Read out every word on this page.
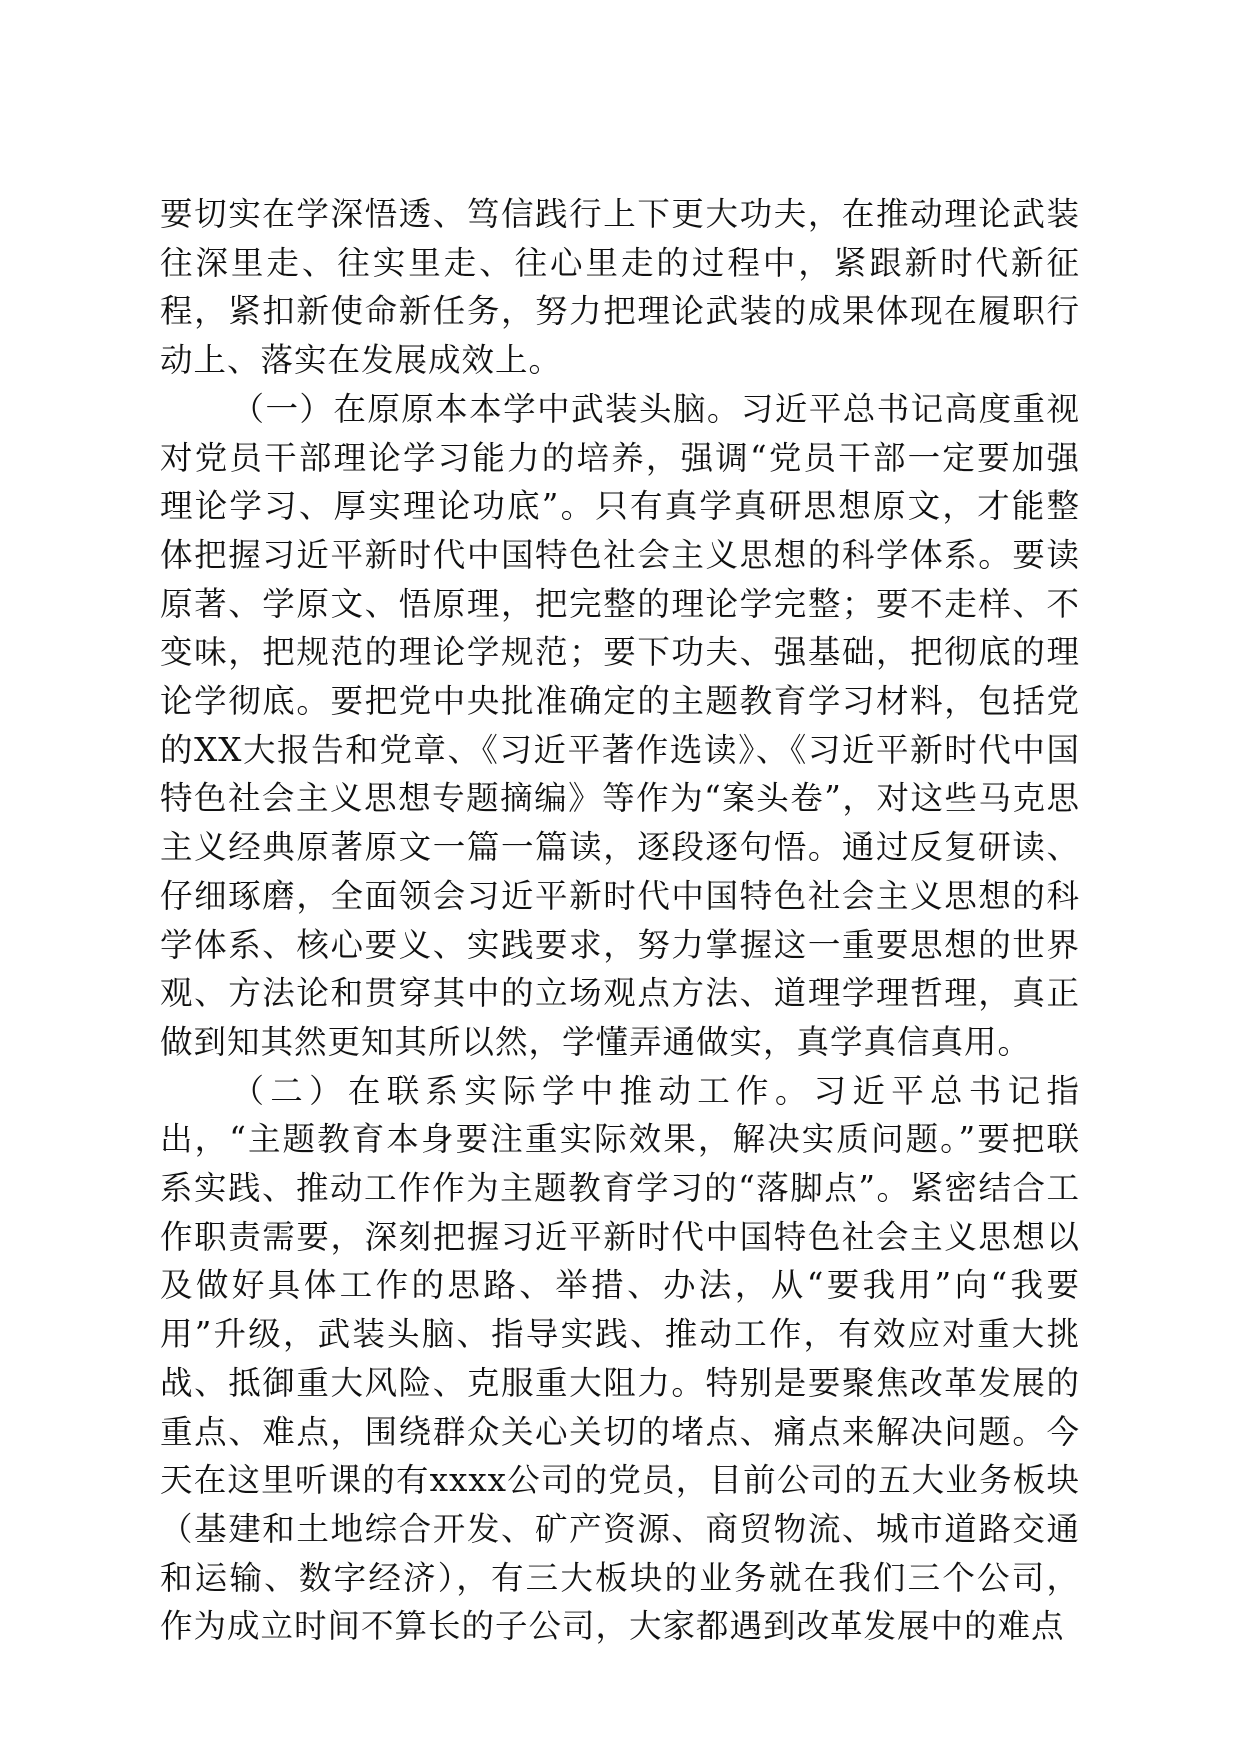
要切实在学深悟透、笃信践行上下更大功夫，在推动理论武装往深里走、往实里走、往心里走的过程中，紧跟新时代新征程，紧扣新使命新任务，努力把理论武装的成果体现在履职行动上、落实在发展成效上。

（一）在原原本本学中武装头脑。习近平总书记高度重视对党员干部理论学习能力的培养，强调“党员干部一定要加强理论学习、厚实理论功底”。只有真学真研思想原文，才能整体把握习近平新时代中国特色社会主义思想的科学体系。要读原著、学原文、悟原理，把完整的理论学完整；要不走样、不变味，把规范的理论学规范；要下功夫、强基础，把彻底的理论学彻底。要把党中央批准确定的主题教育学习材料，包括党的XX大报告和党章、《习近平著作选读》、《习近平新时代中国特色社会主义思想专题摘编》等作为“案头卷”，对这些马克思主义经典原著原文一篇一篇读，逐段逐句悟。通过反复研读、仔细琢磨，全面领会习近平新时代中国特色社会主义思想的科学体系、核心要义、实践要求，努力掌握这一重要思想的世界观、方法论和贯穿其中的立场观点方法、道理学理哲理，真正做到知其然更知其所以然，学懂弄通做实，真学真信真用。

（二）在联系实际学中推动工作。习近平总书记指出，“主题教育本身要注重实际效果，解决实质问题。”要把联系实践、推动工作作为主题教育学习的“落脚点”。紧密结合工作职责需要，深刻把握习近平新时代中国特色社会主义思想以及做好具体工作的思路、举措、办法，从“要我用”向“我要用”升级，武装头脑、指导实践、推动工作，有效应对重大挑战、抵御重大风险、克服重大阻力。特别是要聚焦改革发展的重点、难点，围绕群众关心关切的堵点、痛点来解决问题。今天在这里听课的有xxxx公司的党员，目前公司的五大业务板块（基建和土地综合开发、矿产资源、商贸物流、城市道路交通和运输、数字经济），有三大板块的业务就在我们三个公司，作为成立时间不算长的子公司，大家都遇到改革发展中的难点
